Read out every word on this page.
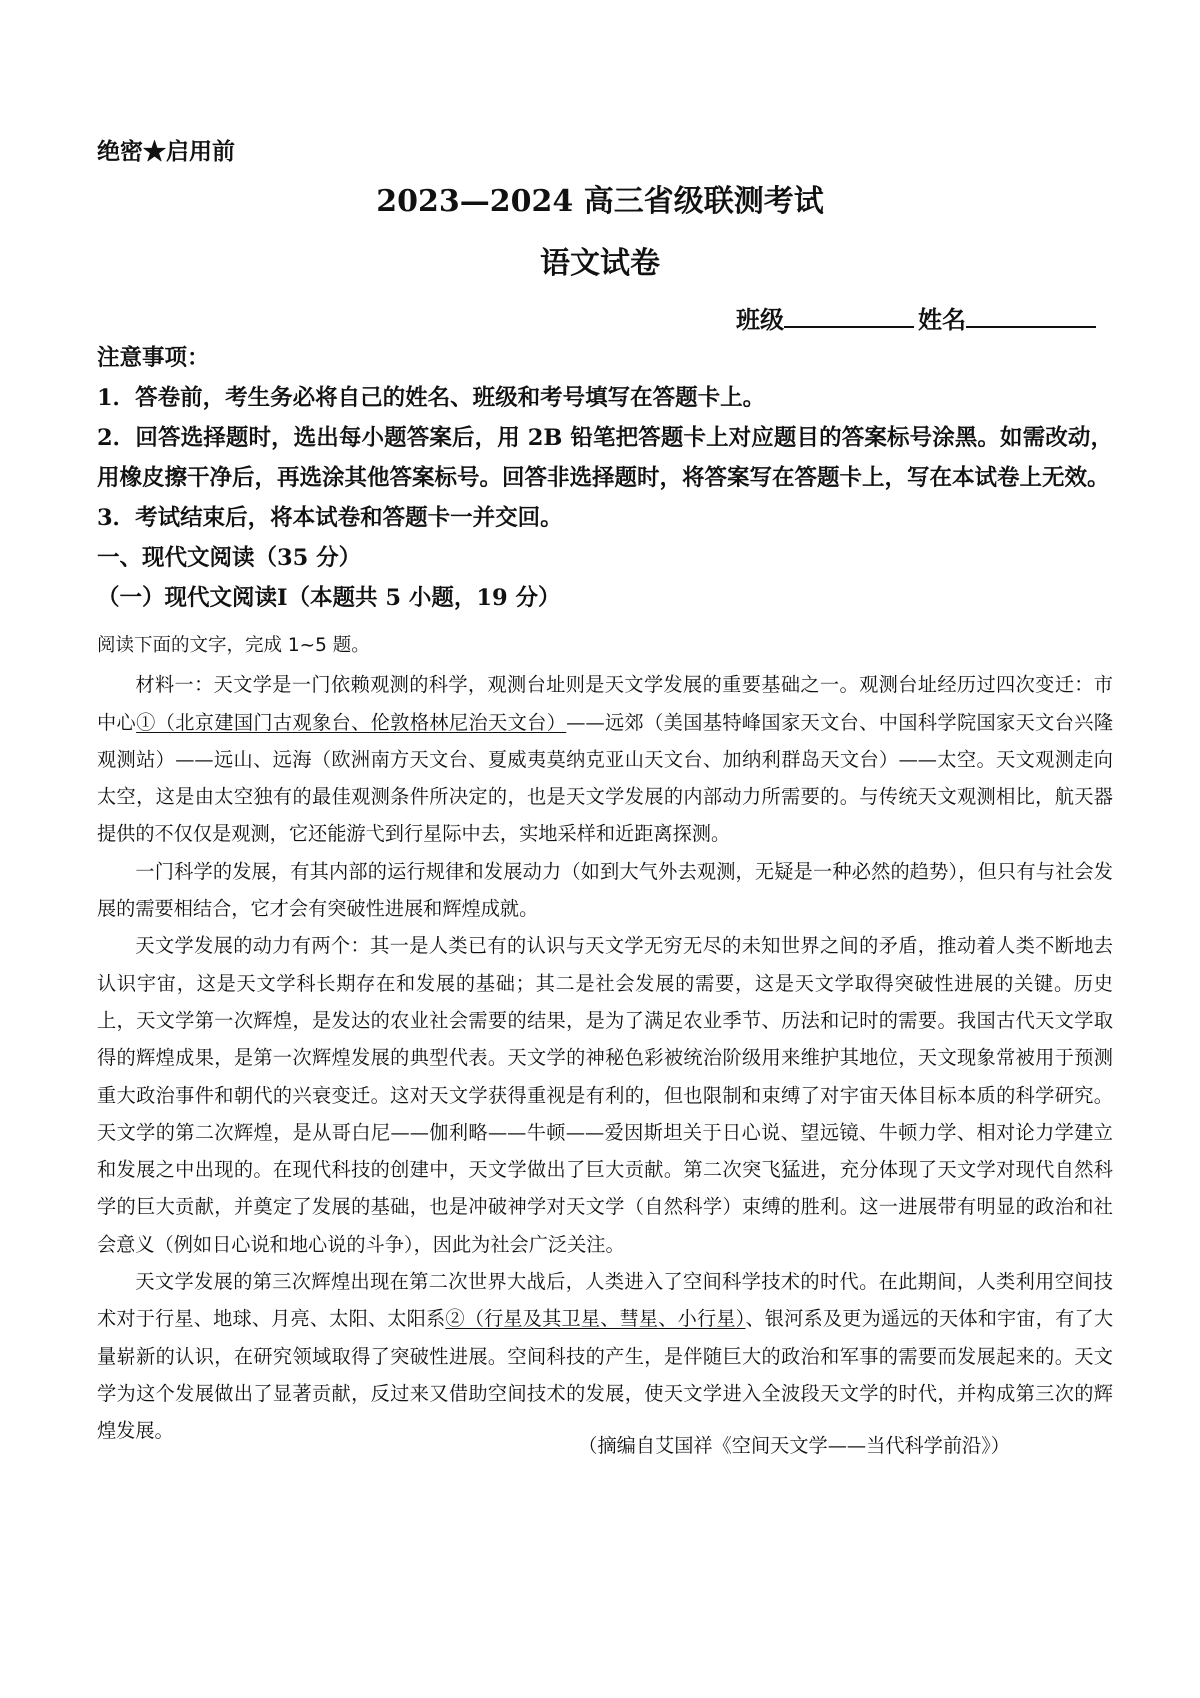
绝密★启用前
2023—2024 高三省级联测考试
语文试卷
班级	姓名

注意事项：

1．答卷前，考生务必将自己的姓名、班级和考号填写在答题卡上。

2．回答选择题时，选出每小题答案后，用 2B 铅笔把答题卡上对应题目的答案标号涂黑。如需改动，用橡皮擦干净后，再选涂其他答案标号。回答非选择题时，将答案写在答题卡上，写在本试卷上无效。

3．考试结束后，将本试卷和答题卡一并交回。

一、现代文阅读（35 分）

（一）现代文阅读Ⅰ（本题共 5 小题，19 分）

阅读下面的文字，完成 1~5 题。

材料一：天文学是一门依赖观测的科学，观测台址则是天文学发展的重要基础之一。观测台址经历过四次变迁：市中心①（北京建国门古观象台、伦敦格林尼治天文台）——远郊（美国基特峰国家天文台、中国科学院国家天文台兴隆观测站）——远山、远海（欧洲南方天文台、夏威夷莫纳克亚山天文台、加纳利群岛天文台）——太空。天文观测走向太空，这是由太空独有的最佳观测条件所决定的，也是天文学发展的内部动力所需要的。与传统天文观测相比，航天器提供的不仅仅是观测，它还能游弋到行星际中去，实地采样和近距离探测。

一门科学的发展，有其内部的运行规律和发展动力（如到大气外去观测，无疑是一种必然的趋势），但只有与社会发展的需要相结合，它才会有突破性进展和辉煌成就。

天文学发展的动力有两个：其一是人类已有的认识与天文学无穷无尽的未知世界之间的矛盾，推动着人类不断地去认识宇宙，这是天文学科长期存在和发展的基础；其二是社会发展的需要，这是天文学取得突破性进展的关键。历史上，天文学第一次辉煌，是发达的农业社会需要的结果，是为了满足农业季节、历法和记时的需要。我国古代天文学取得的辉煌成果，是第一次辉煌发展的典型代表。天文学的神秘色彩被统治阶级用来维护其地位，天文现象常被用于预测重大政治事件和朝代的兴衰变迁。这对天文学获得重视是有利的，但也限制和束缚了对宇宙天体目标本质的科学研究。天文学的第二次辉煌，是从哥白尼——伽利略——牛顿——爱因斯坦关于日心说、望远镜、牛顿力学、相对论力学建立和发展之中出现的。在现代科技的创建中，天文学做出了巨大贡献。第二次突飞猛进，充分体现了天文学对现代自然科学的巨大贡献，并奠定了发展的基础，也是冲破神学对天文学（自然科学）束缚的胜利。这一进展带有明显的政治和社会意义（例如日心说和地心说的斗争），因此为社会广泛关注。

天文学发展的第三次辉煌出现在第二次世界大战后，人类进入了空间科学技术的时代。在此期间，人类利用空间技术对于行星、地球、月亮、太阳、太阳系②（行星及其卫星、彗星、小行星）、银河系及更为遥远的天体和宇宙，有了大量崭新的认识，在研究领域取得了突破性进展。空间科技的产生，是伴随巨大的政治和军事的需要而发展起来的。天文学为这个发展做出了显著贡献，反过来又借助空间技术的发展，使天文学进入全波段天文学的时代，并构成第三次的辉煌发展。

（摘编自艾国祥《空间天文学——当代科学前沿》）
